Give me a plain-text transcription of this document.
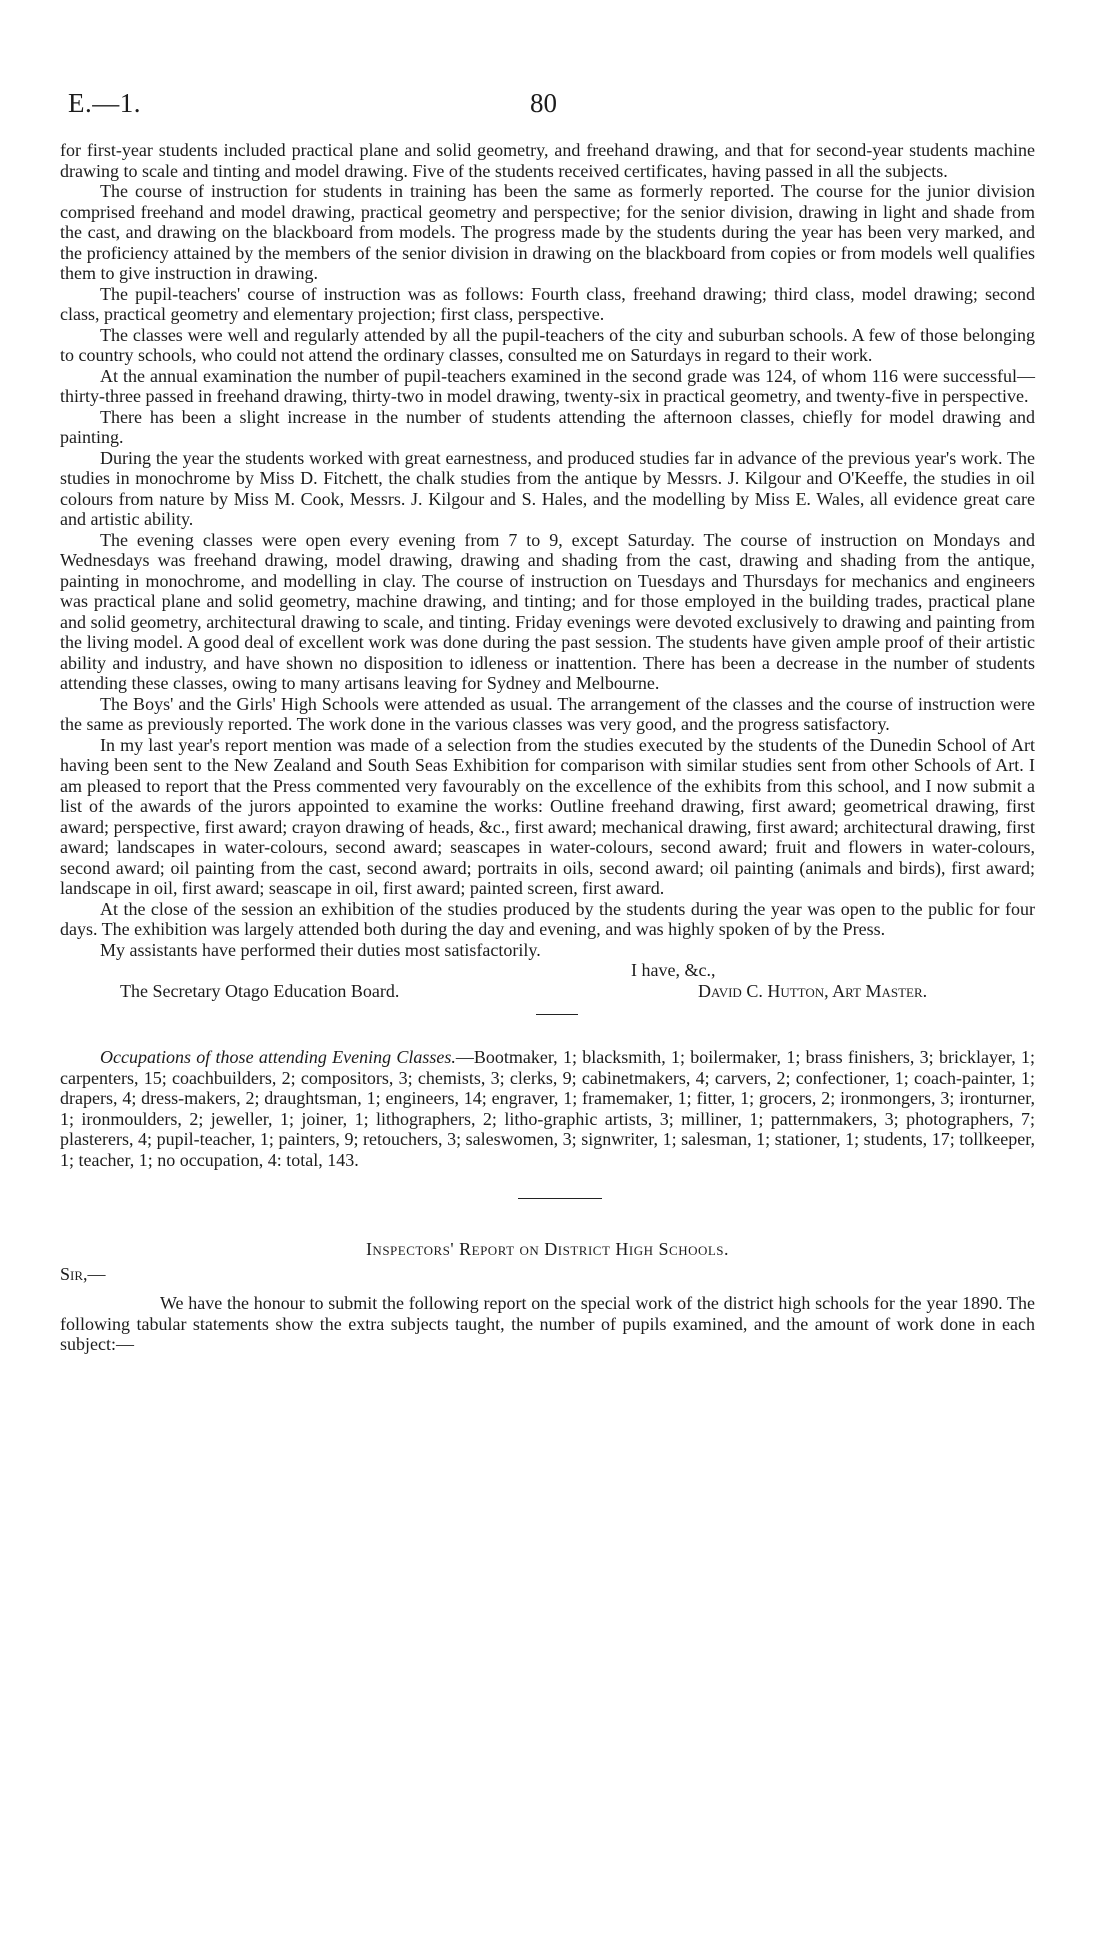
E.—1.	80

for first-year students included practical plane and solid geometry, and freehand drawing, and that for second-year students machine drawing to scale and tinting and model drawing. Five of the students received certificates, having passed in all the subjects.

The course of instruction for students in training has been the same as formerly reported. The course for the junior division comprised freehand and model drawing, practical geometry and perspective; for the senior division, drawing in light and shade from the cast, and drawing on the blackboard from models. The progress made by the students during the year has been very marked, and the proficiency attained by the members of the senior division in drawing on the blackboard from copies or from models well qualifies them to give instruction in drawing.

The pupil-teachers' course of instruction was as follows: Fourth class, freehand drawing; third class, model drawing; second class, practical geometry and elementary projection; first class, perspective.

The classes were well and regularly attended by all the pupil-teachers of the city and suburban schools. A few of those belonging to country schools, who could not attend the ordinary classes, consulted me on Saturdays in regard to their work.

At the annual examination the number of pupil-teachers examined in the second grade was 124, of whom 116 were successful—thirty-three passed in freehand drawing, thirty-two in model drawing, twenty-six in practical geometry, and twenty-five in perspective.

There has been a slight increase in the number of students attending the afternoon classes, chiefly for model drawing and painting.

During the year the students worked with great earnestness, and produced studies far in advance of the previous year's work. The studies in monochrome by Miss D. Fitchett, the chalk studies from the antique by Messrs. J. Kilgour and O'Keeffe, the studies in oil colours from nature by Miss M. Cook, Messrs. J. Kilgour and S. Hales, and the modelling by Miss E. Wales, all evidence great care and artistic ability.

The evening classes were open every evening from 7 to 9, except Saturday. The course of instruction on Mondays and Wednesdays was freehand drawing, model drawing, drawing and shading from the cast, drawing and shading from the antique, painting in monochrome, and modelling in clay. The course of instruction on Tuesdays and Thursdays for mechanics and engineers was practical plane and solid geometry, machine drawing, and tinting; and for those employed in the building trades, practical plane and solid geometry, architectural drawing to scale, and tinting. Friday evenings were devoted exclusively to drawing and painting from the living model. A good deal of excellent work was done during the past session. The students have given ample proof of their artistic ability and industry, and have shown no disposition to idleness or inattention. There has been a decrease in the number of students attending these classes, owing to many artisans leaving for Sydney and Melbourne.

The Boys' and the Girls' High Schools were attended as usual. The arrangement of the classes and the course of instruction were the same as previously reported. The work done in the various classes was very good, and the progress satisfactory.

In my last year's report mention was made of a selection from the studies executed by the students of the Dunedin School of Art having been sent to the New Zealand and South Seas Exhibition for comparison with similar studies sent from other Schools of Art. I am pleased to report that the Press commented very favourably on the excellence of the exhibits from this school, and I now submit a list of the awards of the jurors appointed to examine the works: Outline freehand drawing, first award; geometrical drawing, first award; perspective, first award; crayon drawing of heads, &c., first award; mechanical drawing, first award; architectural drawing, first award; landscapes in water-colours, second award; seascapes in water-colours, second award; fruit and flowers in water-colours, second award; oil painting from the cast, second award; portraits in oils, second award; oil painting (animals and birds), first award; landscape in oil, first award; seascape in oil, first award; painted screen, first award.

At the close of the session an exhibition of the studies produced by the students during the year was open to the public for four days. The exhibition was largely attended both during the day and evening, and was highly spoken of by the Press.

My assistants have performed their duties most satisfactorily.

I have, &c.,
The Secretary Otago Education Board.	David C. Hutton, Art Master.

Occupations of those attending Evening Classes.—Bootmaker, 1; blacksmith, 1; boilermaker, 1; brass finishers, 3; bricklayer, 1; carpenters, 15; coachbuilders, 2; compositors, 3; chemists, 3; clerks, 9; cabinetmakers, 4; carvers, 2; confectioner, 1; coach-painter, 1; drapers, 4; dress-makers, 2; draughtsman, 1; engineers, 14; engraver, 1; framemaker, 1; fitter, 1; grocers, 2; ironmongers, 3; ironturner, 1; ironmoulders, 2; jeweller, 1; joiner, 1; lithographers, 2; litho-graphic artists, 3; milliner, 1; patternmakers, 3; photographers, 7; plasterers, 4; pupil-teacher, 1; painters, 9; retouchers, 3; saleswomen, 3; signwriter, 1; salesman, 1; stationer, 1; students, 17; tollkeeper, 1; teacher, 1; no occupation, 4: total, 143.

Inspectors' Report on District High Schools.
Sir,—

We have the honour to submit the following report on the special work of the district high schools for the year 1890. The following tabular statements show the extra subjects taught, the number of pupils examined, and the amount of work done in each subject:—
